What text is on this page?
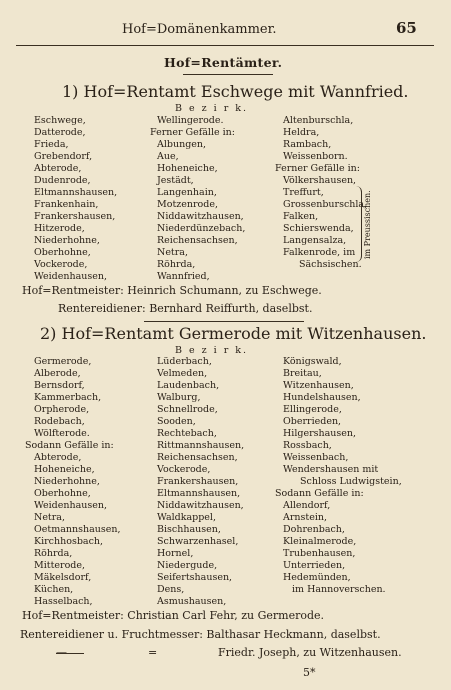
Hof=Domänenkammer.	65
Hof=Rentämter.
1) Hof=Rentamt Eschwege mit Wannfried.
B e z i r k.
Eschwege,
Datterode,
Frieda,
Grebendorf,
Abterode,
Dudenrode,
Eltmannshausen,
Frankenhain,
Frankershausen,
Hitzerode,
Niederhohne,
Oberhohne,
Vockerode,
Weidenhausen,
Wellingerode.
Ferner Gefälle in:
Albungen,
Aue,
Hoheneiche,
Jestädt,
Langenhain,
Motzenrode,
Niddawitzhausen,
Niederdünzebach,
Reichensachsen,
Netra,
Röhrda,
Wannfried,
Altenburschla,
Heldra,
Rambach,
Weissenborn.
Ferner Gefälle in:
Völkershausen,
Treffurt,
Grossenburschla,
Falken,
Schierswenda,
Langensalza,
Falkenrode, im
Sächsischen.
im Preussischen.
Hof=Rentmeister: Heinrich Schumann, zu Eschwege.
Rentereidiener: Bernhard Reiffurth, daselbst.
2) Hof=Rentamt Germerode mit Witzenhausen.
B e z i r k.
Germerode,
Alberode,
Bernsdorf,
Kammerbach,
Orpherode,
Rodebach,
Wölfterode.
Sodann Gefälle in:
Abterode,
Hoheneiche,
Niederhohne,
Oberhohne,
Weidenhausen,
Netra,
Oetmannshausen,
Kirchhosbach,
Röhrda,
Mitterode,
Mäkelsdorf,
Küchen,
Hasselbach,
Lüderbach,
Velmeden,
Laudenbach,
Walburg,
Schnellrode,
Sooden,
Rechtebach,
Rittmannshausen,
Reichensachsen,
Vockerode,
Frankershausen,
Eltmannshausen,
Niddawitzhausen,
Waldkappel,
Bischhausen,
Schwarzenhasel,
Hornel,
Niedergude,
Seifertshausen,
Dens,
Asmushausen,
Königswald,
Breitau,
Witzenhausen,
Hundelshausen,
Ellingerode,
Oberrieden,
Hilgershausen,
Rossbach,
Weissenbach,
Wendershausen mit
Schloss Ludwigstein,
Sodann Gefälle in:
Allendorf,
Arnstein,
Dohrenbach,
Kleinalmerode,
Trubenhausen,
Unterrieden,
Hedemünden,
im Hannoverschen.
Hof=Rentmeister: Christian Carl Fehr, zu Germerode.
Rentereidiener u. Fruchtmesser: Balthasar Heckmann, daselbst.
=	Friedr. Joseph, zu Witzenhausen.
5*
